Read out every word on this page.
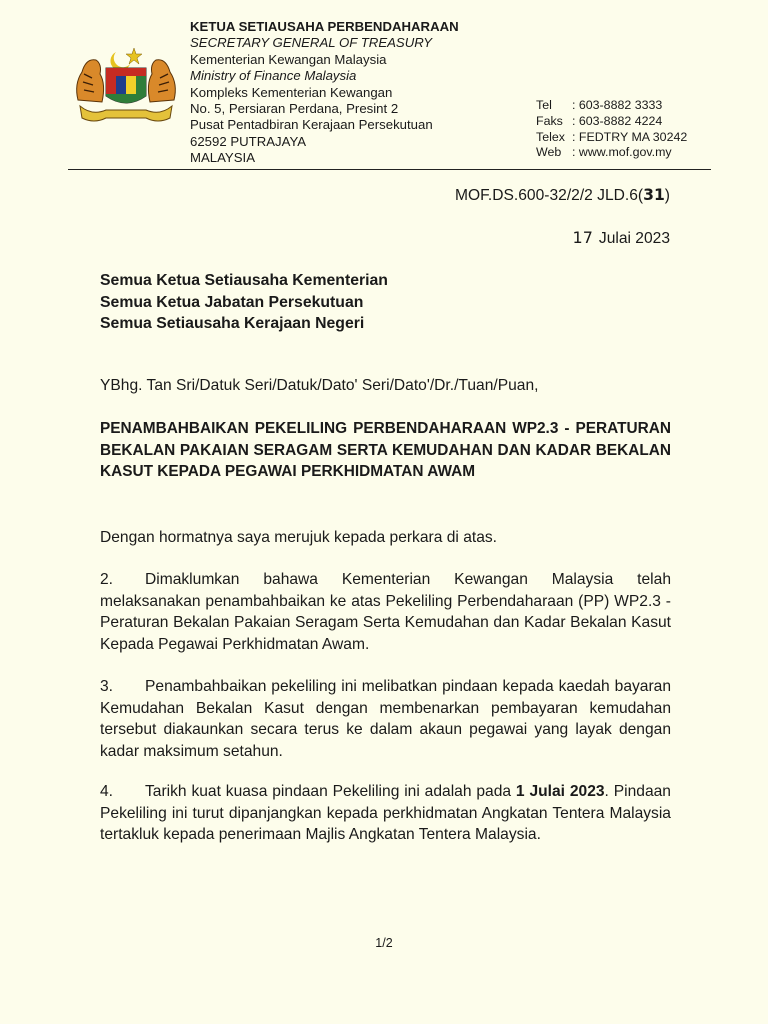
KETUA SETIAUSAHA PERBENDAHARAAN
SECRETARY GENERAL OF TREASURY
Kementerian Kewangan Malaysia
Ministry of Finance Malaysia
Kompleks Kementerian Kewangan
No. 5, Persiaran Perdana, Presint 2
Pusat Pentadbiran Kerajaan Persekutuan
62592 PUTRAJAYA
MALAYSIA
Tel	: 603-8882 3333
Faks : 603-8882 4224
Telex : FEDTRY MA 30242
Web : www.mof.gov.my
MOF.DS.600-32/2/2 JLD.6(31)
17 Julai 2023
Semua Ketua Setiausaha Kementerian
Semua Ketua Jabatan Persekutuan
Semua Setiausaha Kerajaan Negeri
YBhg. Tan Sri/Datuk Seri/Datuk/Dato' Seri/Dato'/Dr./Tuan/Puan,
PENAMBAHBAIKAN PEKELILING PERBENDAHARAAN WP2.3 - PERATURAN BEKALAN PAKAIAN SERAGAM SERTA KEMUDAHAN DAN KADAR BEKALAN KASUT KEPADA PEGAWAI PERKHIDMATAN AWAM
Dengan hormatnya saya merujuk kepada perkara di atas.
2. Dimaklumkan bahawa Kementerian Kewangan Malaysia telah melaksanakan penambahbaikan ke atas Pekeliling Perbendaharaan (PP) WP2.3 - Peraturan Bekalan Pakaian Seragam Serta Kemudahan dan Kadar Bekalan Kasut Kepada Pegawai Perkhidmatan Awam.
3. Penambahbaikan pekeliling ini melibatkan pindaan kepada kaedah bayaran Kemudahan Bekalan Kasut dengan membenarkan pembayaran kemudahan tersebut diakaunkan secara terus ke dalam akaun pegawai yang layak dengan kadar maksimum setahun.
4. Tarikh kuat kuasa pindaan Pekeliling ini adalah pada 1 Julai 2023. Pindaan Pekeliling ini turut dipanjangkan kepada perkhidmatan Angkatan Tentera Malaysia tertakluk kepada penerimaan Majlis Angkatan Tentera Malaysia.
1/2
